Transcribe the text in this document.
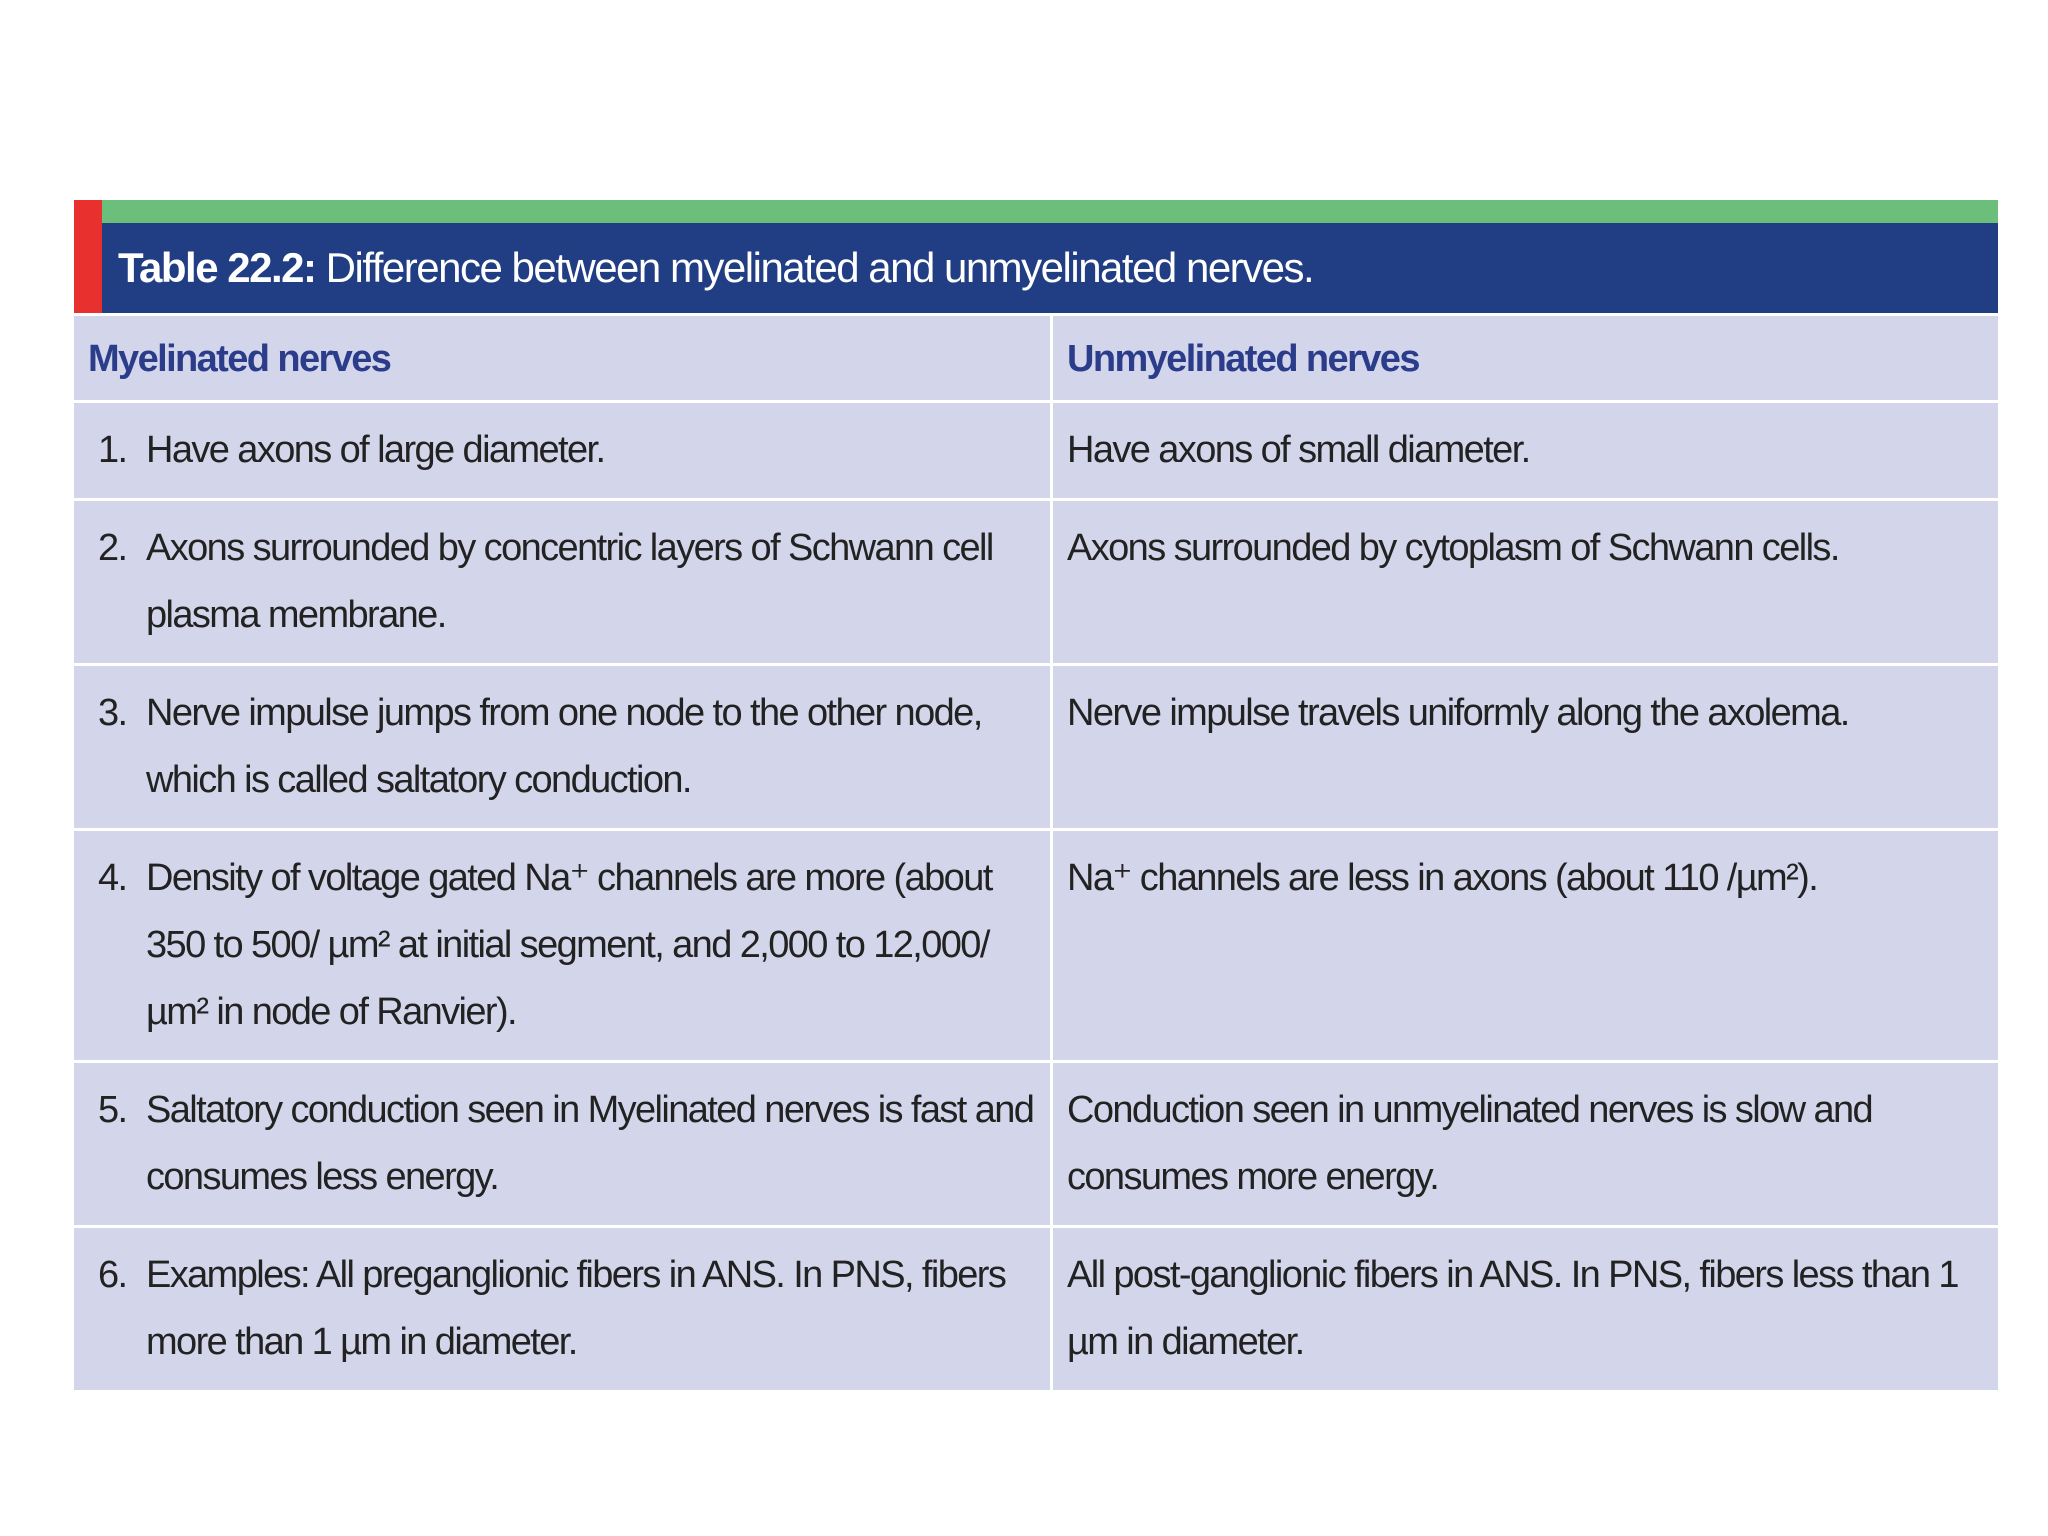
Table 22.2: Difference between myelinated and unmyelinated nerves.
Myelinated nerves	Unmyelinated nerves

1. Have axons of large diameter.	Have axons of small diameter.

2. Axons surrounded by concentric layers of Schwann cell plasma membrane.	Axons surrounded by cytoplasm of Schwann cells.

3. Nerve impulse jumps from one node to the other node, which is called saltatory conduction.	Nerve impulse travels uniformly along the axolema.

4. Density of voltage gated Na⁺ channels are more (about 350 to 500/ µm² at initial segment, and 2,000 to 12,000/µm² in node of Ranvier).	Na⁺ channels are less in axons (about 110 /µm²).

5. Saltatory conduction seen in Myelinated nerves is fast and consumes less energy.	Conduction seen in unmyelinated nerves is slow and consumes more energy.

6. Examples: All preganglionic fibers in ANS. In PNS, fibers more than 1 µm in diameter.	All post-ganglionic fibers in ANS. In PNS, fibers less than 1 µm in diameter.
